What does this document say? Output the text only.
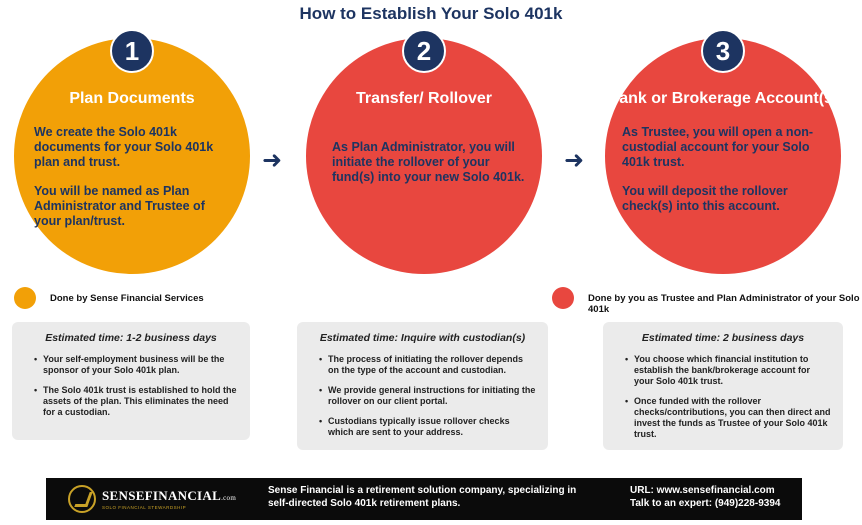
How to Establish Your Solo 401k
1
Plan Documents

We create the Solo 401k documents for your Solo 401k plan and trust.

You will be named as Plan Administrator and Trustee of your plan/trust.

➜
2
Transfer/ Rollover

As Plan Administrator, you will initiate the rollover of your fund(s) into your new Solo 401k.

➜
3
Bank or Brokerage Account(s)

As Trustee, you will open a non-custodial account for your Solo 401k trust.

You will deposit the rollover check(s) into this account.

Done by Sense Financial Services	Done by you as Trustee and Plan Administrator of your Solo 401k
Estimated time: 1-2 business days
• Your self-employment business will be the sponsor of your Solo 401k plan.
• The Solo 401k trust is established to hold the assets of the plan. This eliminates the need for a custodian.
Estimated time: Inquire with custodian(s)
• The process of initiating the rollover depends on the type of the account and custodian.
• We provide general instructions for initiating the rollover on our client portal.
• Custodians typically issue rollover checks which are sent to your address.
Estimated time: 2 business days
• You choose which financial institution to establish the bank/brokerage account for your Solo 401k trust.
• Once funded with the rollover checks/contributions, you can then direct and invest the funds as Trustee of your Solo 401k trust.
SENSEFINANCIAL.com
SOLO FINANCIAL STEWARDSHIP
Sense Financial is a retirement solution company, specializing in self-directed Solo 401k retirement plans.
URL: www.sensefinancial.com
Talk to an expert: (949)228-9394
